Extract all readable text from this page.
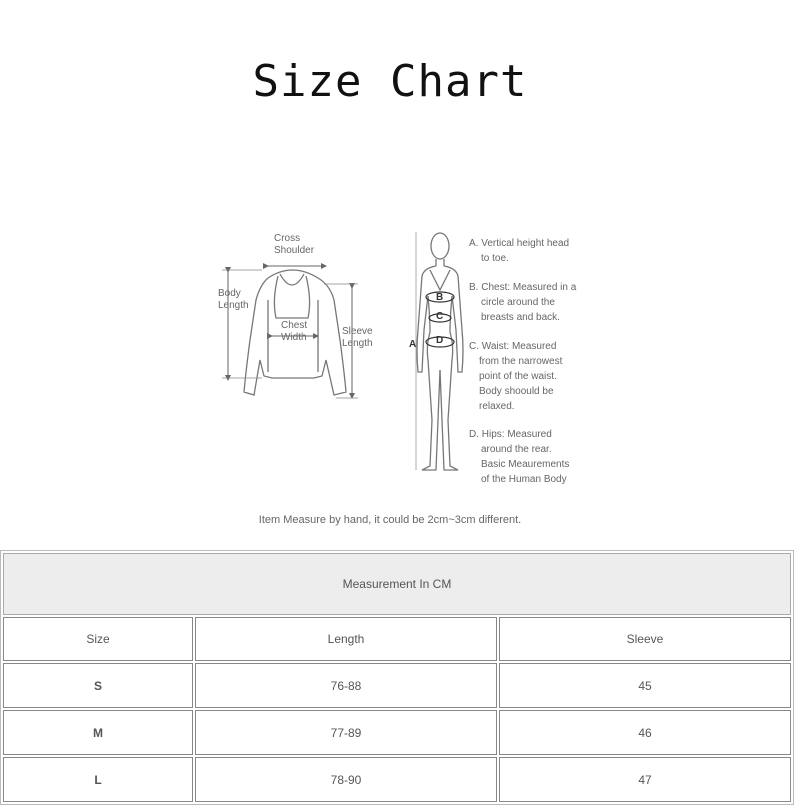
Size Chart
Cross
Shoulder
Body
Length
Chest
Width
Sleeve
Length	A
B
C
D
A. Vertical height head
to toe.
B. Chest: Measured in a
circle around the
breasts and back.
C. Waist: Measured
from the narrowest
point of the waist.
Body shoould be
relaxed.
D. Hips: Measured
around the rear.
Basic Meaurements
of the Human Body
Item Measure by hand, it could be 2cm~3cm different.
Measurement In CM		
Size	Length	Sleeve
S	76-88	45
M	77-89	46
L	78-90	47
